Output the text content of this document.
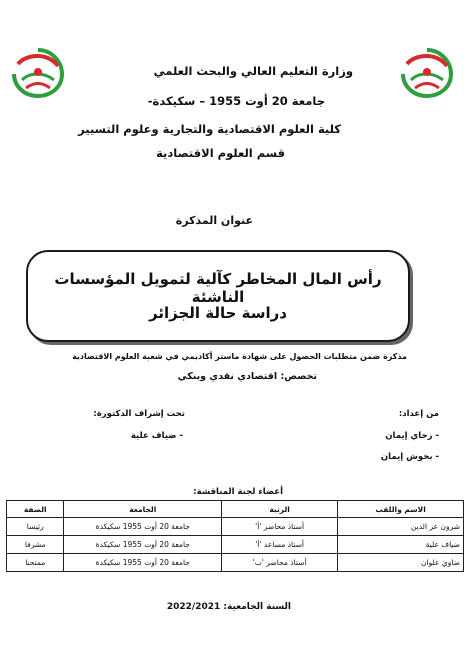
وزارة التعليم العالي والبحث العلمي
جامعة 20 أوت 1955 – سكيكدة-
كلية العلوم الاقتصادية والتجارية وعلوم التسيير
قسم العلوم الاقتصادية
عنوان المذكرة
رأس المال المخاطر كآلية لتمويل المؤسسات الناشئة
دراسة حالة الجزائر
مذكرة ضمن متطلبات الحصول على شهادة ماستر أكاديمي في شعبة العلوم الاقتصادية
تخصص: اقتصادي نقدي وبنكي
من إعداد:
- رحاي إيمان
- بخوش إيمان
تحت إشراف الدكتورة:
- ضياف علية
أعضاء لجنة المناقشة:
الاسم واللقب	الرتبة	الجامعة	الصفة
شرون عز الدين	أستاذ محاضر 'أ'	جامعة 20 أوت 1955 سكيكدة	رئيسا
ضياف علية	أستاذ مساعد 'أ'	جامعة 20 أوت 1955 سكيكدة	مشرفا
ضاوي علوان	أستاذ محاضر 'ب'	جامعة 20 أوت 1955 سكيكدة	ممتحنا
السنة الجامعية: 2022/2021
